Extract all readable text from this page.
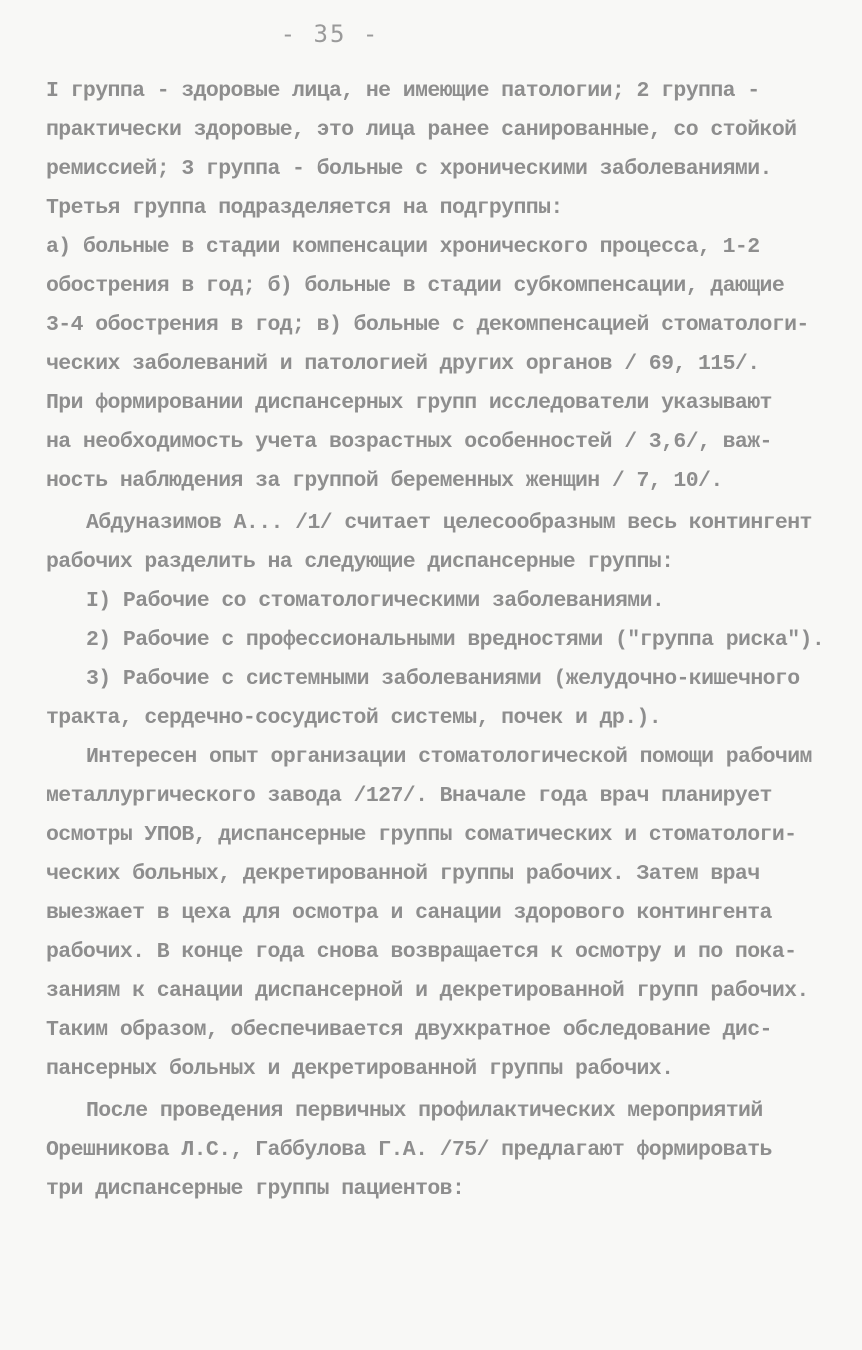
- 35 -
I группа - здоровые лица, не имеющие патологии; 2 группа -
практически здоровые, это лица ранее санированные, со стойкой
ремиссией; 3 группа - больные с хроническими заболеваниями.
Третья группа подразделяется на подгруппы:
а) больные в стадии компенсации хронического процесса, 1-2
обострения в год; б) больные в стадии субкомпенсации, дающие
3-4 обострения в год; в) больные с декомпенсацией стоматологи-
ческих заболеваний и патологией других органов / 69, 115/.
При формировании диспансерных групп исследователи указывают
на необходимость учета возрастных особенностей / 3,6/, важ-
ность наблюдения за группой беременных женщин / 7, 10/.
Абдуназимов А... /1/ считает целесообразным весь контингент
рабочих разделить на следующие диспансерные группы:
I) Рабочие со стоматологическими заболеваниями.
2) Рабочие с профессиональными вредностями ("группа риска").
3) Рабочие с системными заболеваниями (желудочно-кишечного
тракта, сердечно-сосудистой системы, почек и др.).
Интересен опыт организации стоматологической помощи рабочим
металлургического завода /127/. Вначале года врач планирует
осмотры УПОВ, диспансерные группы соматических и стоматологи-
ческих больных, декретированной группы рабочих. Затем врач
выезжает в цеха для осмотра и санации здорового контингента
рабочих. В конце года снова возвращается к осмотру и по пока-
заниям к санации диспансерной и декретированной групп рабочих.
Таким образом, обеспечивается двухкратное обследование дис-
пансерных больных и декретированной группы рабочих.
После проведения первичных профилактических мероприятий
Орешникова Л.С., Габбулова Г.А. /75/ предлагают формировать
три диспансерные группы пациентов:
